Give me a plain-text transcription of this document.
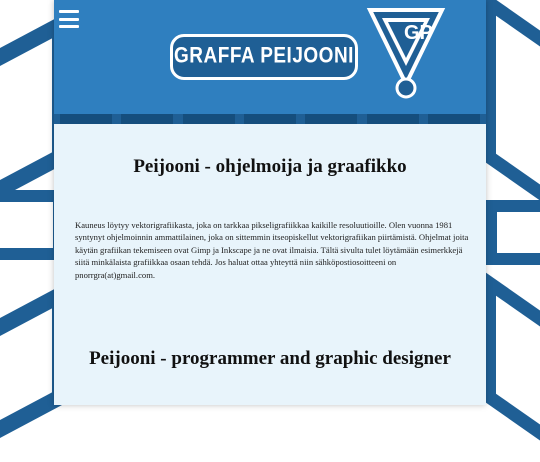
GRAFFA PEIJOONI
GP
Peijooni - ohjelmoija ja graafikko
Kauneus löytyy vektorigrafiikasta, joka on tarkkaa pikseligrafiikkaa kaikille resoluutioille. Olen vuonna 1981 syntynyt ohjelmoinnin ammattilainen, joka on sittemmin itseopiskellut vektorigrafiikan piirtämistä. Ohjelmat joita käytän grafiikan tekemiseen ovat Gimp ja Inkscape ja ne ovat ilmaisia. Tältä sivulta tulet löytämään esimerkkejä siitä minkälaista grafiikkaa osaan tehdä. Jos haluat ottaa yhteyttä niin sähköpostiosoitteeni on pnorrgra(at)gmail.com.
Peijooni - programmer and graphic designer
